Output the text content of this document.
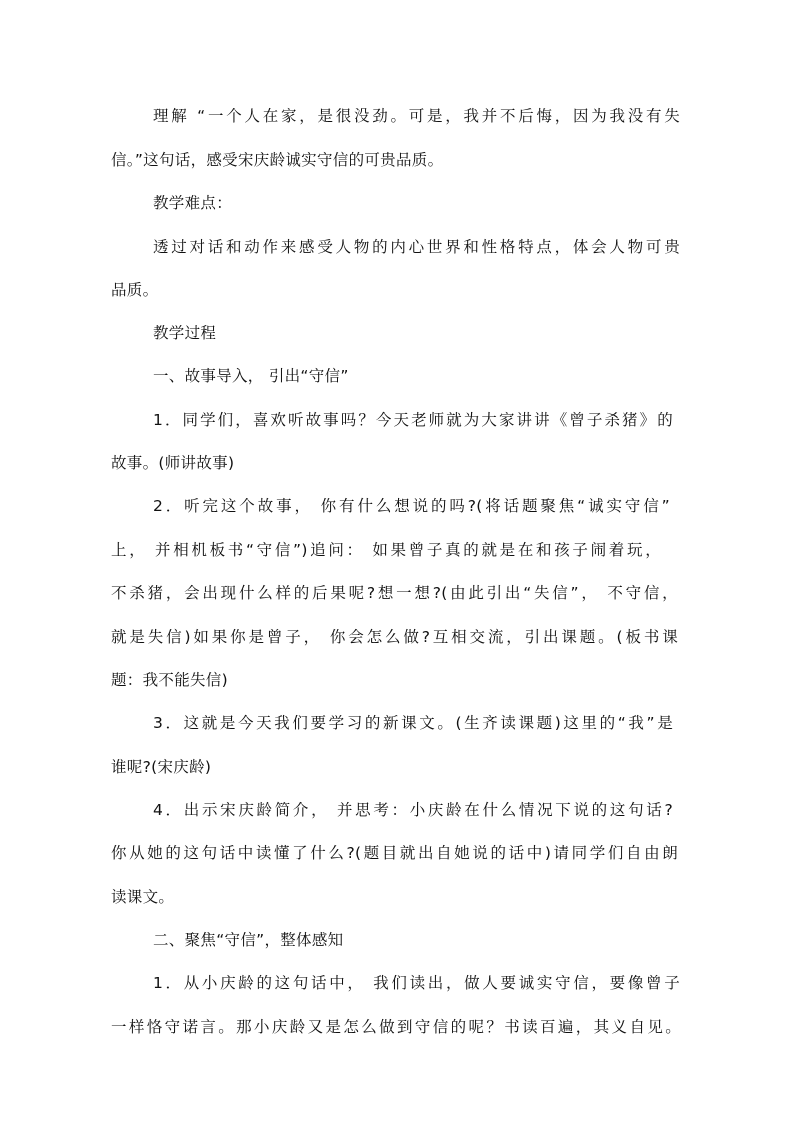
理解 “一个人在家，是很没劲。可是，我并不后悔，因为我没有失
信。”这句话，感受宋庆龄诚实守信的可贵品质。
教学难点：
透过对话和动作来感受人物的内心世界和性格特点，体会人物可贵
品质。
教学过程
一、故事导入， 引出“守信”
1．同学们，喜欢听故事吗？今天老师就为大家讲讲《曾子杀猪》的
故事。(师讲故事)
2．听完这个故事， 你有什么想说的吗?(将话题聚焦“诚实守信”
上， 并相机板书“守信”)追问： 如果曾子真的就是在和孩子闹着玩，
不杀猪，会出现什么样的后果呢?想一想?(由此引出“失信”， 不守信，
就是失信)如果你是曾子， 你会怎么做?互相交流，引出课题。(板书课
题：我不能失信)
3．这就是今天我们要学习的新课文。(生齐读课题)这里的“我”是
谁呢?(宋庆龄)
4．出示宋庆龄简介， 并思考：小庆龄在什么情况下说的这句话?
你从她的这句话中读懂了什么?(题目就出自她说的话中)请同学们自由朗
读课文。
二、聚焦“守信”，整体感知
1．从小庆龄的这句话中， 我们读出，做人要诚实守信，要像曾子
一样恪守诺言。那小庆龄又是怎么做到守信的呢？书读百遍，其义自见。
